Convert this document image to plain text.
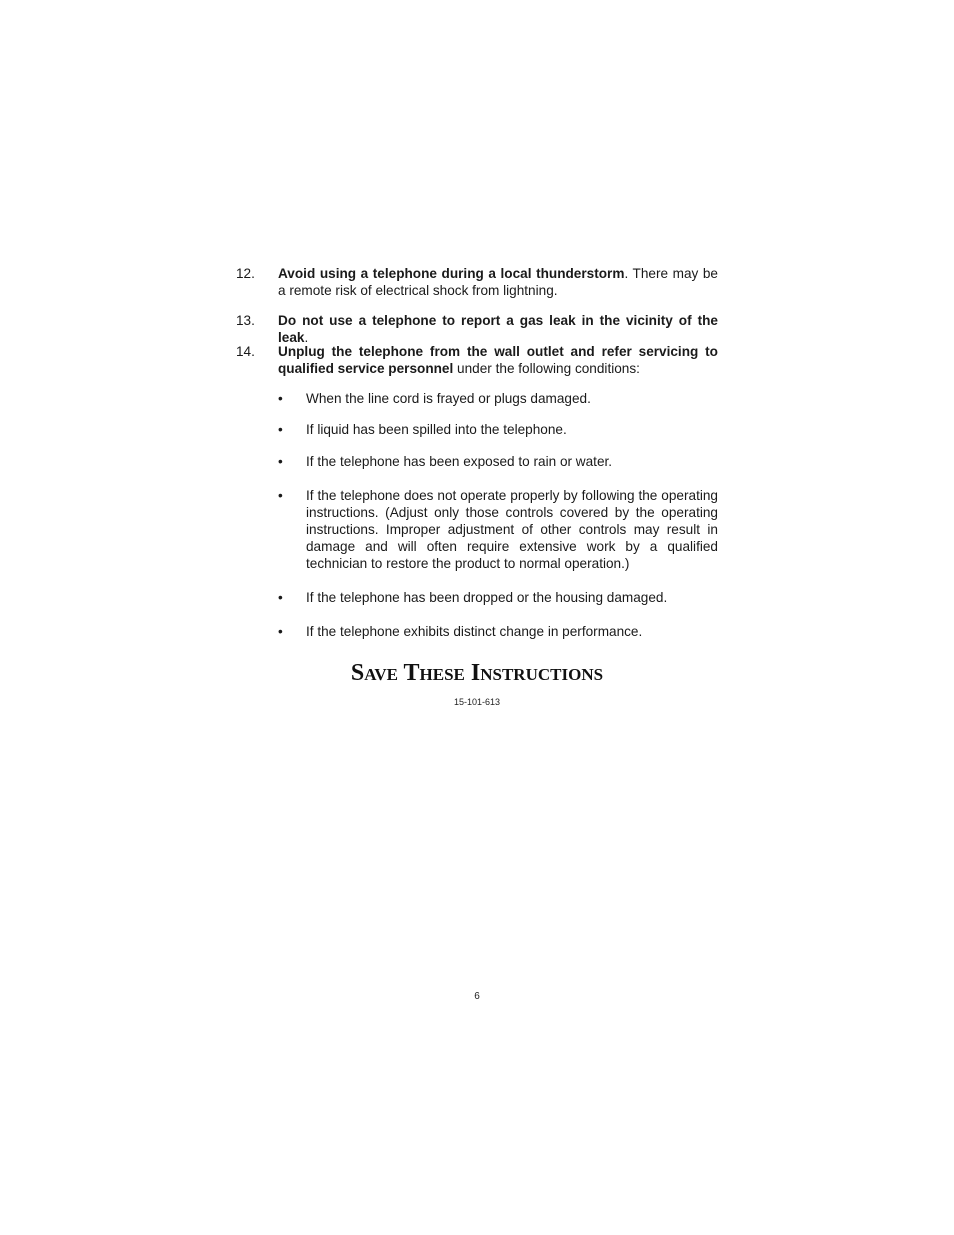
12. Avoid using a telephone during a local thunderstorm. There may be a remote risk of electrical shock from lightning.
13. Do not use a telephone to report a gas leak in the vicinity of the leak.
14. Unplug the telephone from the wall outlet and refer servicing to qualified service personnel under the following conditions:
• When the line cord is frayed or plugs damaged.
• If liquid has been spilled into the telephone.
• If the telephone has been exposed to rain or water.
• If the telephone does not operate properly by following the operating instructions. (Adjust only those controls covered by the operating instructions. Improper adjustment of other controls may result in damage and will often require extensive work by a qualified technician to restore the product to normal operation.)
• If the telephone has been dropped or the housing damaged.
• If the telephone exhibits distinct change in performance.
Save These Instructions
15-101-613
6
